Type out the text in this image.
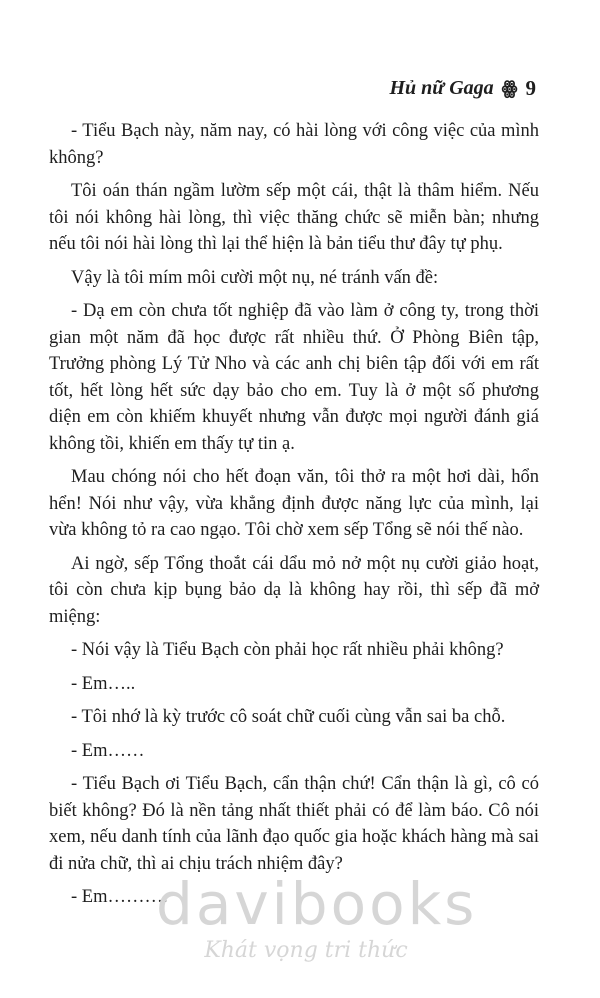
Hủ nữ Gaga ꙮ 9

- Tiểu Bạch này, năm nay, có hài lòng với công việc của mình không?

Tôi oán thán ngầm lườm sếp một cái, thật là thâm hiểm. Nếu tôi nói không hài lòng, thì việc thăng chức sẽ miễn bàn; nhưng nếu tôi nói hài lòng thì lại thể hiện là bản tiểu thư đây tự phụ.

Vậy là tôi mím môi cười một nụ, né tránh vấn đề:

- Dạ em còn chưa tốt nghiệp đã vào làm ở công ty, trong thời gian một năm đã học được rất nhiều thứ. Ở Phòng Biên tập, Trưởng phòng Lý Tử Nho và các anh chị biên tập đối với em rất tốt, hết lòng hết sức dạy bảo cho em. Tuy là ở một số phương diện em còn khiếm khuyết nhưng vẫn được mọi người đánh giá không tồi, khiến em thấy tự tin ạ.

Mau chóng nói cho hết đoạn văn, tôi thở ra một hơi dài, hổn hển! Nói như vậy, vừa khẳng định được năng lực của mình, lại vừa không tỏ ra cao ngạo. Tôi chờ xem sếp Tổng sẽ nói thế nào.

Ai ngờ, sếp Tổng thoắt cái dẩu mỏ nở một nụ cười giảo hoạt, tôi còn chưa kịp bụng bảo dạ là không hay rồi, thì sếp đã mở miệng:

- Nói vậy là Tiểu Bạch còn phải học rất nhiều phải không?

- Em…..

- Tôi nhớ là kỳ trước cô soát chữ cuối cùng vẫn sai ba chỗ.

- Em……

- Tiểu Bạch ơi Tiểu Bạch, cẩn thận chứ! Cẩn thận là gì, cô có biết không? Đó là nền tảng nhất thiết phải có để làm báo. Cô nói xem, nếu danh tính của lãnh đạo quốc gia hoặc khách hàng mà sai đi nửa chữ, thì ai chịu trách nhiệm đây?

- Em……….

davibooks
Khát vọng tri thức
